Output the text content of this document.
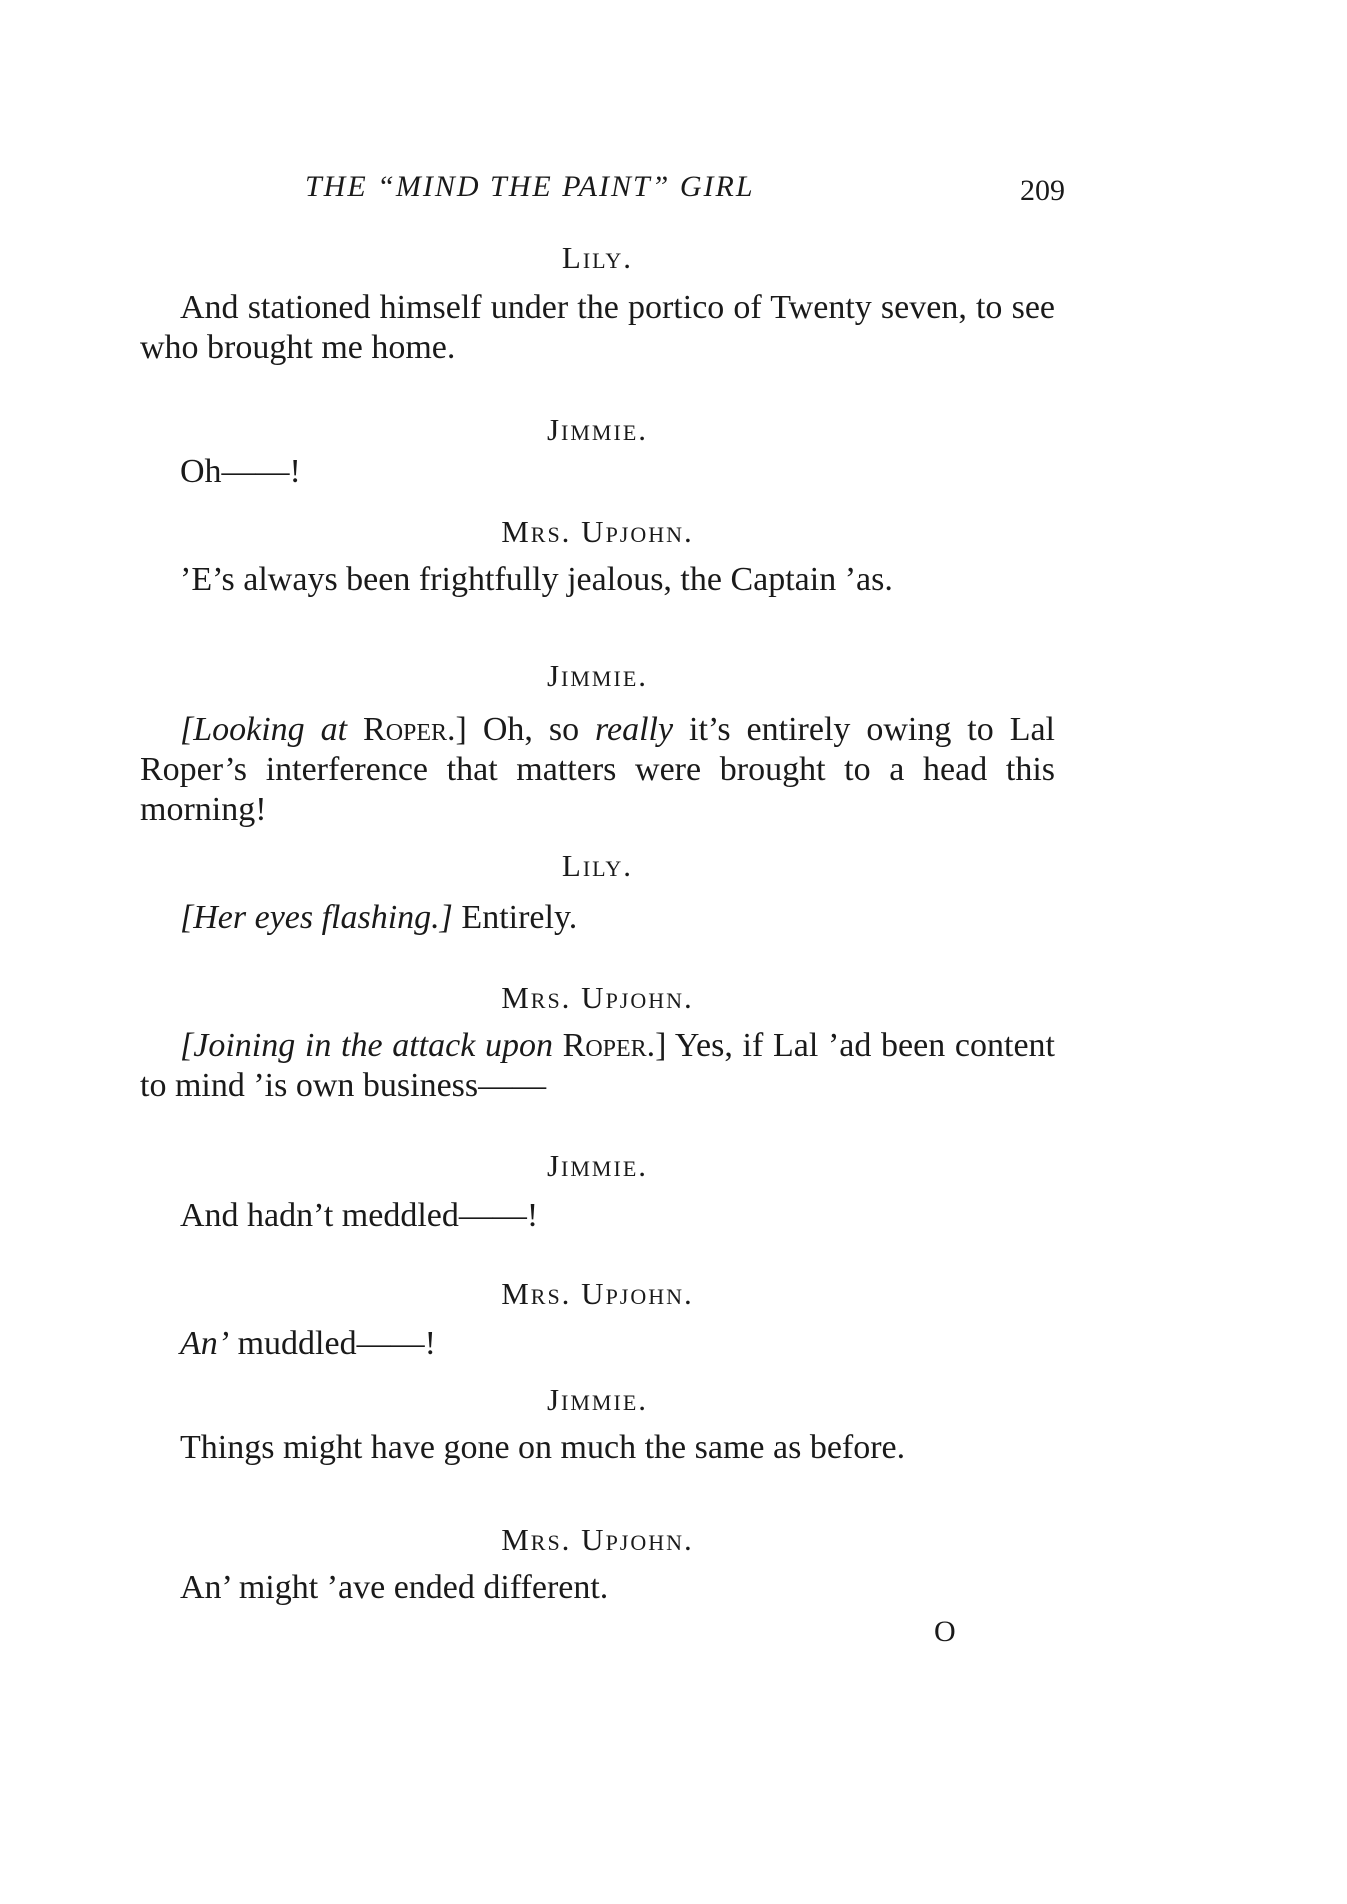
THE “MIND THE PAINT” GIRL	209
Lily.
And stationed himself under the portico of Twenty seven, to see who brought me home.
Jimmie.
Oh——!
Mrs. Upjohn.
’E’s always been frightfully jealous, the Captain ’as.
Jimmie.
[Looking at Roper.] Oh, so really it’s entirely owing to Lal Roper’s interference that matters were brought to a head this morning!
Lily.
[Her eyes flashing.] Entirely.
Mrs. Upjohn.
[Joining in the attack upon Roper.] Yes, if Lal ’ad been content to mind ’is own business——
Jimmie.
And hadn’t meddled——!
Mrs. Upjohn.
An’ muddled——!
Jimmie.
Things might have gone on much the same as before.
Mrs. Upjohn.
An’ might ’ave ended different.
O
